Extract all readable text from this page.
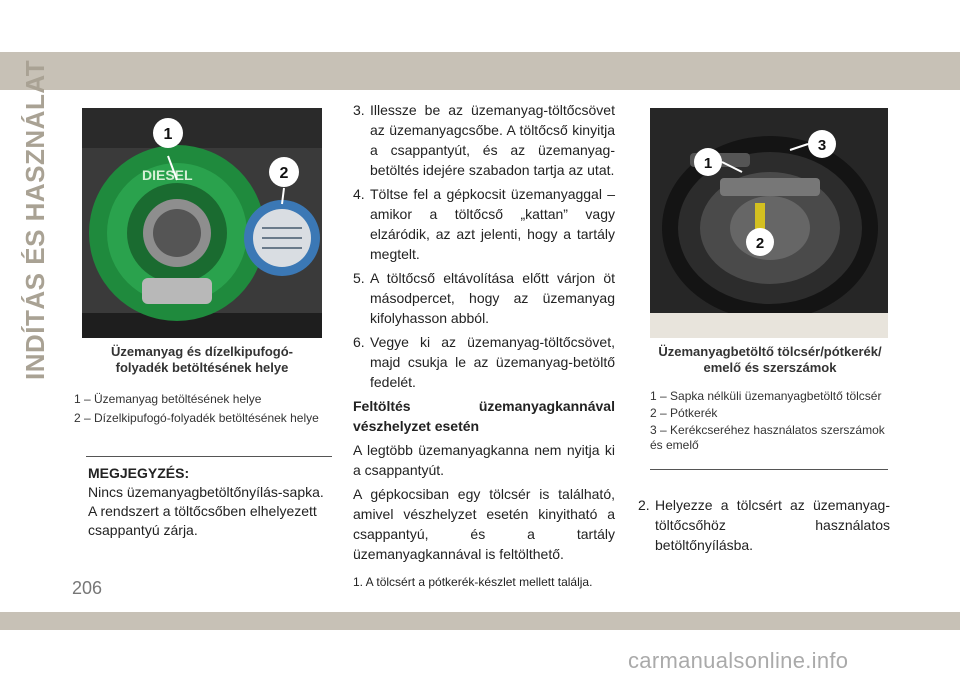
INDÍTÁS ÉS HASZNÁLAT	DIESEL
1
2
Üzemanyag és dízelkipufogó-
folyadék betöltésének helye

1 – Üzemanyag betöltésének helye

2 – Dízelkipufogó-folyadék betöltésének helye

MEGJEGYZÉS:
Nincs üzemanyagbetöltőnyílás-sapka. A rendszert a töltőcsőben elhelyezett csappantyú zárja.
3. Illessze be az üzemanyag-töltőcsövet az üzemanyagcsőbe. A töltőcső kinyitja a csappantyút, és az üzemanyag-betöltés idejére szabadon tartja az utat.
4. Töltse fel a gépkocsit üzemanyaggal – amikor a töltőcső „kattan” vagy elzáródik, az azt jelenti, hogy a tartály megtelt.
5. A töltőcső eltávolítása előtt várjon öt másodpercet, hogy az üzemanyag kifolyhasson abból.
6. Vegye ki az üzemanyag-töltőcsövet, majd csukja le az üzemanyag-betöltő fedelét.
Feltöltés üzemanyagkannával vészhelyzet esetén
A legtöbb üzemanyagkanna nem nyitja ki a csappantyút.
A gépkocsiban egy tölcsér is található, amivel vészhelyzet esetén kinyitható a csappantyú, és a tartály üzemanyagkannával is feltölthető.
1. A tölcsért a pótkerék-készlet mellett találja.
1
2
3
Üzemanyagbetöltő tölcsér/pótkerék/
emelő és szerszámok

1 – Sapka nélküli üzemanyagbetöltő tölcsér

2 – Pótkerék

3 – Kerékcseréhez használatos szerszámok és emelő

2. Helyezze a tölcsért az üzemanyag-töltőcsőhöz használatos betöltőnyílásba.
206
carmanualsonline.info
